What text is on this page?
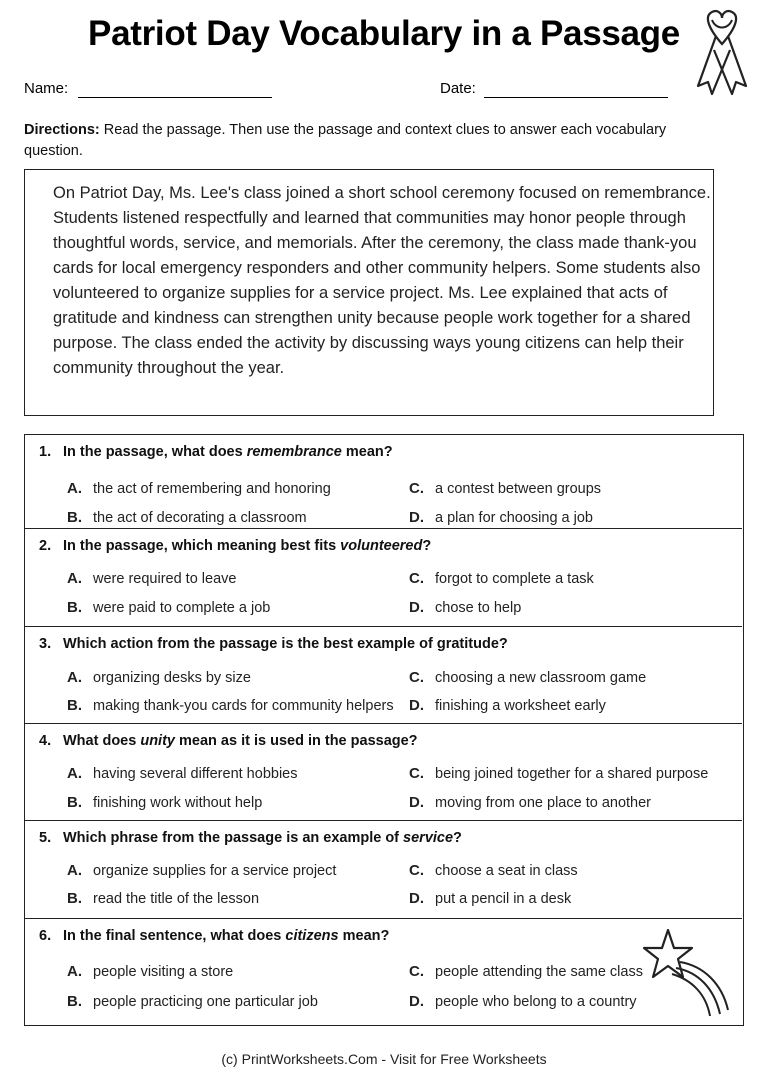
Patriot Day Vocabulary in a Passage
Name:	Date:
Directions: Read the passage. Then use the passage and context clues to answer each vocabulary question.
On Patriot Day, Ms. Lee's class joined a short school ceremony focused on remembrance. Students listened respectfully and learned that communities may honor people through thoughtful words, service, and memorials. After the ceremony, the class made thank-you cards for local emergency responders and other community helpers. Some students also volunteered to organize supplies for a service project. Ms. Lee explained that acts of gratitude and kindness can strengthen unity because people work together for a shared purpose. The class ended the activity by discussing ways young citizens can help their community throughout the year.
1. In the passage, what does remembrance mean?
A. the act of remembering and honoring
B. the act of decorating a classroom
C. a contest between groups
D. a plan for choosing a job
2. In the passage, which meaning best fits volunteered?
A. were required to leave
B. were paid to complete a job
C. forgot to complete a task
D. chose to help
3. Which action from the passage is the best example of gratitude?
A. organizing desks by size
B. making thank-you cards for community helpers
C. choosing a new classroom game
D. finishing a worksheet early
4. What does unity mean as it is used in the passage?
A. having several different hobbies
B. finishing work without help
C. being joined together for a shared purpose
D. moving from one place to another
5. Which phrase from the passage is an example of service?
A. organize supplies for a service project
B. read the title of the lesson
C. choose a seat in class
D. put a pencil in a desk
6. In the final sentence, what does citizens mean?
A. people visiting a store
B. people practicing one particular job
C. people attending the same class
D. people who belong to a country
(c) PrintWorksheets.Com - Visit for Free Worksheets
